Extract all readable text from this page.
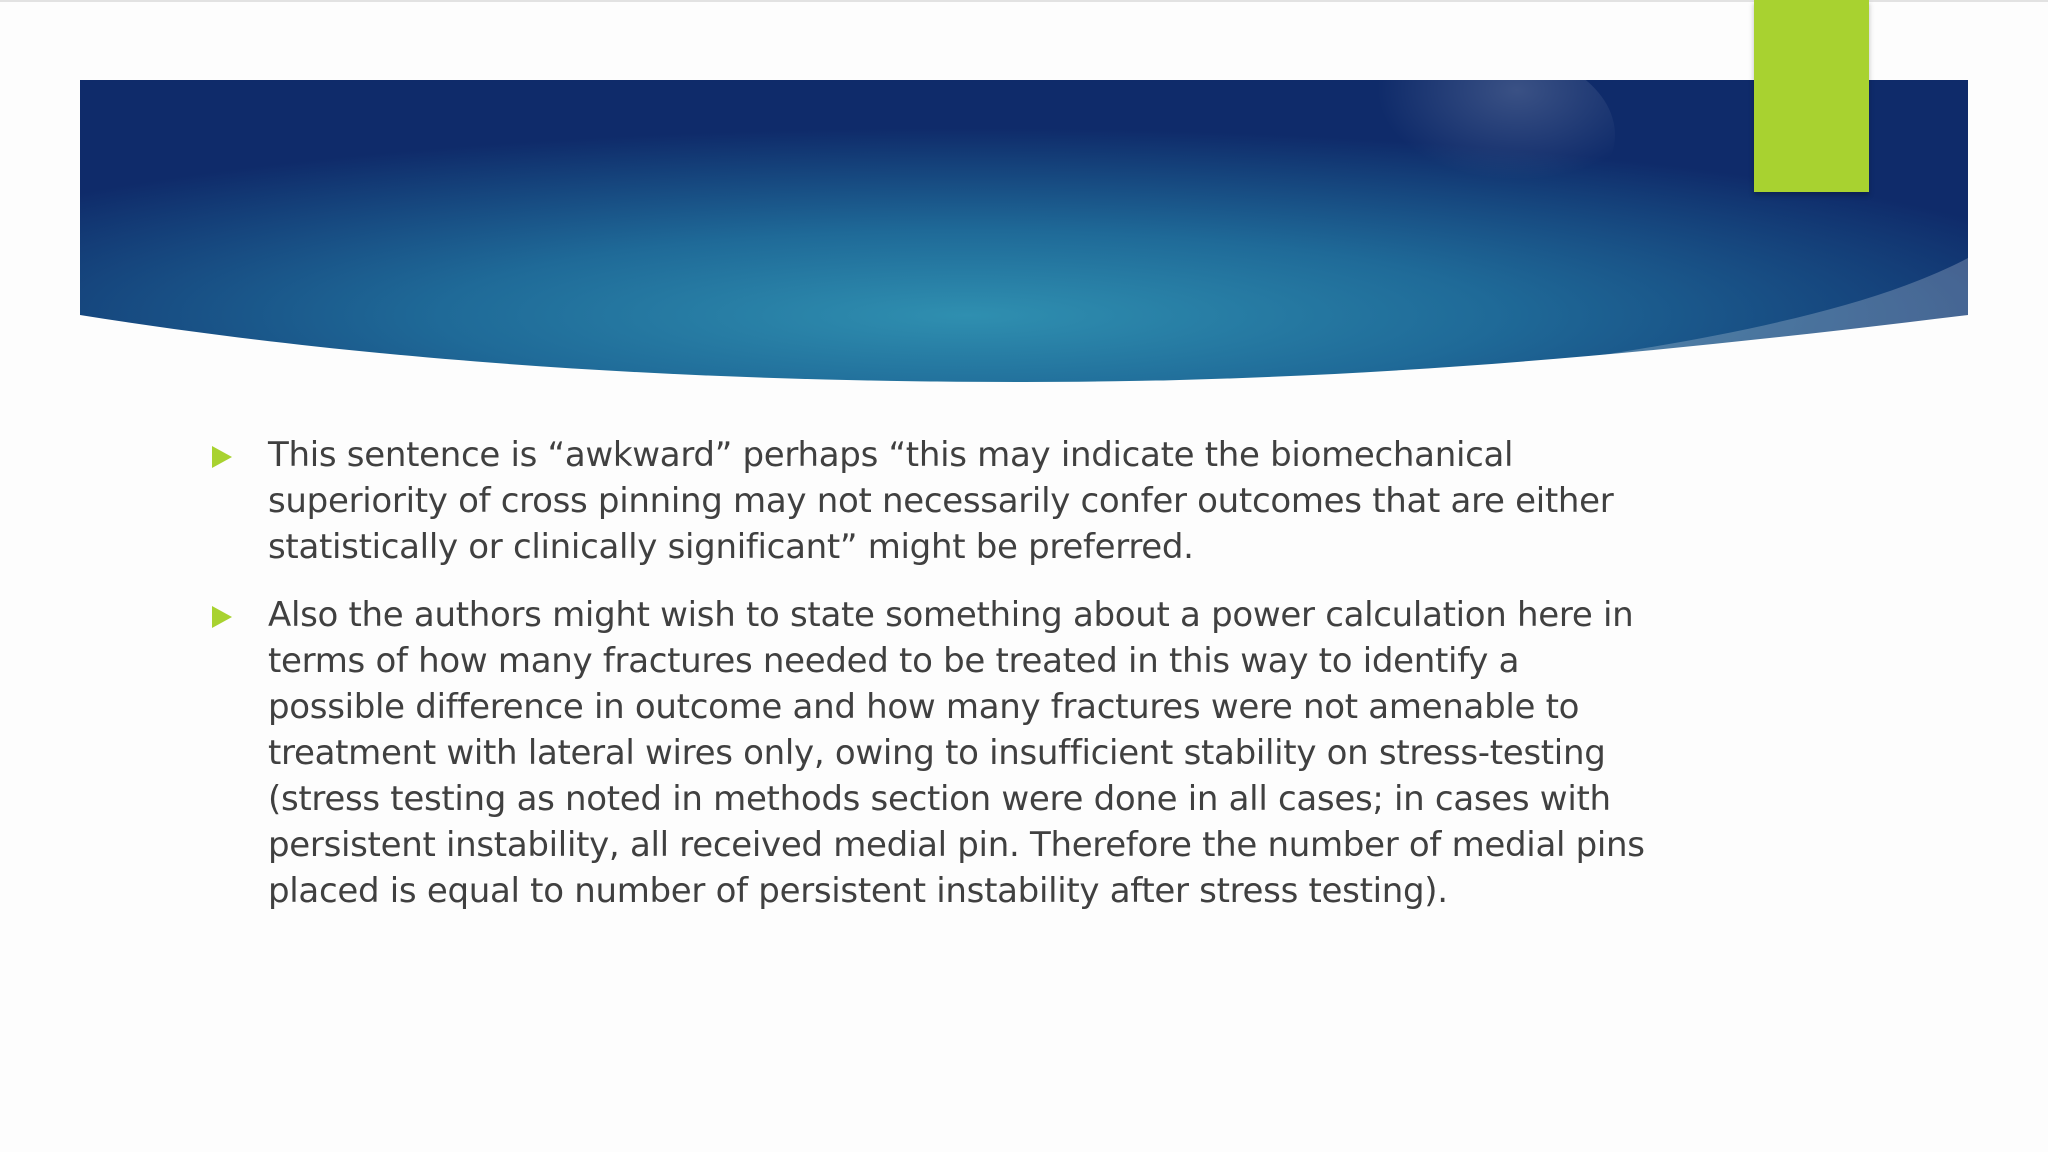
This sentence is “awkward” perhaps “this may indicate the biomechanical superiority of cross pinning may not necessarily confer outcomes that are either statistically or clinically significant” might be preferred.
Also the authors might wish to state something about a power calculation here in terms of how many fractures needed to be treated in this way to identify a possible difference in outcome and how many fractures were not amenable to treatment with lateral wires only, owing to insufficient stability on stress-testing (stress testing as noted in methods section were done in all cases; in cases with persistent instability, all received medial pin. Therefore the number of medial pins placed is equal to number of persistent instability after stress testing).
